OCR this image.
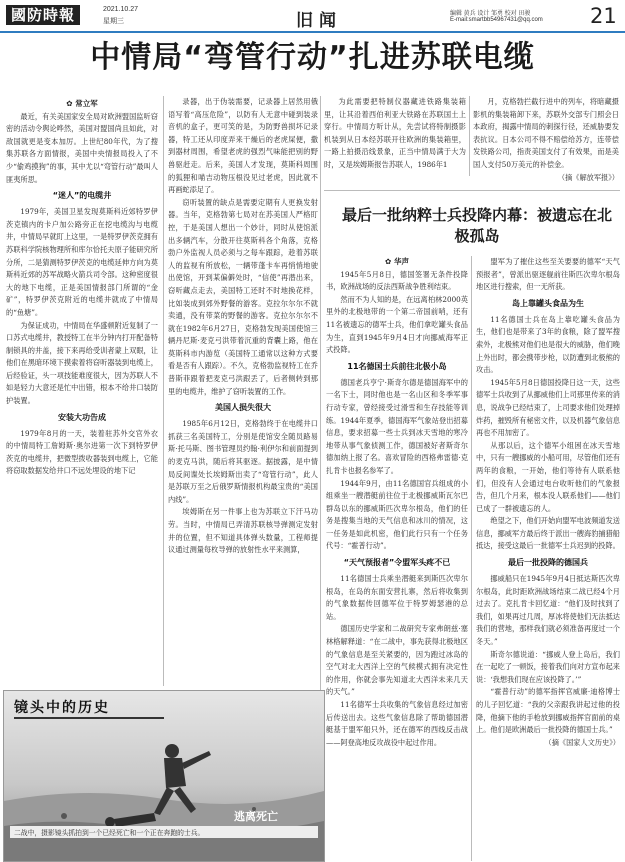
國防時報	2021.10.27
星期三	旧闻	编辑 黄兵 设计 邹勇 校对 田骏
E-mail:smartbb54967431@qq.com	21
中情局“弯管行动”扎进苏联电缆
✿ 常立军

最近，有关美国家安全局对欧洲盟国监听窃密的活动令舆论哗然，美国对盟国尚且如此，对敌国就更是变本加厉。上世纪80年代，为了搜集苏联各方面情报，美国中央情报局投入了不少“偷鸡摸狗”的事，其中尤以“弯管行动”最叫人匪夷所思。

“迷人”的电缆井

1979年，美国卫星发现莫斯科近郊特罗伊茨克镇内的卡户加公路旁正在挖电缆沟与电缆井，中情局早就盯上这里，一是特罗伊茨克拥有苏联科学院核物理所和库尔恰托夫原子能研究所分所，二是猜测特罗伊茨克的电缆延伸方向为莫斯科近郊的苏军战略火箭兵司令部。这种密度很大的地下电缆，正是美国情报部门所谓的“金矿”，特罗伊茨克附近的电缆井就成了中情局的“鱼塘”。

为保证成功，中情局在华盛顿附近复制了一口苏式电缆井，教授特工在半分钟内打开配备特制锁具的井盖，接下来再给受训者蒙上双眼，让他们在黑暗环境下摸索着将窃听器装到电缆上，后经验证，头一项技能难度很大，因为苏联人不如是轻力大意还是忙中出错，根本不给井口装防护装置。

安装大功告成

1979年8月的一天，装着驻苏外交官外衣的中情局特工詹姆斯·奥尔进第一次下到特罗伊茨克的电缆井，把微型拨收器装到电缆上，它能将窃取数据发给井口不远处埋设的地下记

录器，出于伪装需要，记录器上居然用俄语写着“高压危险”，以防有人无意中碰到装录音机的盒子，更可笑的是，为防野兽损坏记录器，特工还从印度弄来干燥后的老虎屎便，撒到器材周围，希望老虎的强烈气味能把别的野兽驱赶走。后来，美国人才发现，莫斯科周围的狐狸和喵吉动物压根没见过老虎，因此就不再画蛇添足了。

窃听装置的缺点是需要定期有人更换发射器。当年，克格勃第七局对在苏美国人严格盯控，于是美国人想出一个妙计，同时从使馆派出多辆汽车，分散开往莫斯科各个角落，克格勃户外监视人员必须与之每车跟踪，趁着苏联人的监视有所放松，一辆带蓬卡车再悄悄地驶出使馆，开到某偏僻处时，“信使”再潜出来，窃听藏点走去，美国特工还时不时地换花样，比如装成到郊外野餐的游客。克拉尔尔尔不就卖通，没有带菜的野餐的游客。克拉尔尔尔不就在1982年6月27日，克格勃发现美国使馆三辆丹尼斯·麦克弓洪带着沉重的背囊上路，他在莫斯科市内游览（美国特工通常以这种方式要看是否有人跟踪）。不久，克格勃监视特工在乔普斯菲跟着把麦克弓洪跟丢了，后者侧转到那里的电缆井，维护了窃听装置的工作。

美国人损失很大

1985年6月12日，克格勃终于在电缆井口抓获三名美国特工，分别是使馆安全随员路易斯·托马斯、图书管理员约翰·利伊尔和前面提到的麦克马洪，随后将其驱逐。据披露，是中情局反间谍处长埃姆斯出卖了“弯管行动”，此人是苏联万至之后俄罗斯情报机构最宝贵的“美国内线”。

埃姆斯在另一件事上也为苏联立下汗马功劳。当时，中情局已弄清苏联核导弹测定发射井的位置，但不知道具体弹头数量，工程师提议通过测量每枚导弹的放射性水平来测算，

为此需要把特制仪器藏进铁路集装箱里，让其沿着西伯利亚大铁路在苏联国土上穿行。中情局方听计从，先尝试将特制摄影机装到从日本经苏联开往欧洲的集装箱里，一路上拍摄沿线景象，正当中情局满于大为时，又是埃姆斯报告苏联人，1986年1

月，克格勃拦截行进中的列车，将暗藏摄影机的集装箱卸下来，苏联外交部专门照会日本政府，揭露中情局的刺探行径，还威胁要发表抗议。日本公司不得不赔偿给苏方，连带偿发铁路公司，指责美国支付了有效果，而是美国人支付50万美元的补偿金。

（摘《解放军报》）
最后一批纳粹士兵投降内幕：被遗忘在北极孤岛
✿ 华声

1945年5月8日，德国签署无条件投降书，欧洲战场的反法西斯战争胜利结束。

然而不为人知的是，在远离柏林2000英里外的北极地带的一个第二帝国前哨，还有11名被遗忘的德军士兵，他们拿吃罐头食品为生，直到1945年9月4日才向挪威海军正式投降。

11名德国士兵前往北极小岛

德国老兵亨宁·斯奇尔德是德国海军中的一名下士，同时他也是一名山区和冬季军事行动专家，曾经接受过滑雪和生存技能等训练。1944年夏季，德国海军气象站登出招募信息，要求招募一些士兵到冰天雪地的寒冷地带从事气象侦测工作，德国被好者斯奇尔德加纳上报了名。喜欢冒险的西格弗雷德·克扎肯卡也报名参军了。

1944年9月，由11名德国官兵组成的小组乘坐一艘潜艇前往位于北极挪威斯瓦尔巴群岛以东的挪威斯匹次卑尔根岛，他们的任务是搜集当地的天气信息和冰川的情况，这一任务是如此机密，他们此行只有一个任务代号：“霍普行动”。

“天气预报者”令盟军头疼不已

11名德国士兵乘坐潜艇来到斯匹次卑尔根岛，在岛的东面安营扎寨，然后将收集到的气象数据传回德军位于特罗姆瑟港的总站。

德国历史学家和二战研究专家弗朗兹·塞林格解释道：“在二战中，事先获得北极地区的气象信息是至关紧要的，因为跑过冰岛的空气对北大西洋上空的气候模式拥有决定性的作用，你就会事先知道北大西洋未来几天的天气。”

11名德军士兵收集的气象信息经过加密后传送出去。这些气象信息除了帮助德国潜艇基于盟军船只外，还在德军的西线反击战——阿登高地反攻战役中起过作用。

盟军为了摧住这些至关要要的德军“天气预报者”，曾派出驱逐舰前往斯匹次卑尔根岛地区进行搜索，但一无所获。

岛上靠罐头食品为生

11名德国士兵在岛上靠吃罐头食品为生，他们也是带来了3年的食粮，除了盟军搜索外，北极熊对他们也是很大的威胁，他们晚上外出时，都会携带步枪，以防遭到北极熊的攻击。

1945年5月8日德国投降日这一天，这些德军士兵收到了从挪威他们上司那里传来的消息，说战争已经结束了，上司要求他们处理掉炸药，摧毁所有秘密文件，以及机器气象信息再也不用加密了。

从那以后，这个德军小组困在冰天雪地中，只有一艘挪威的小船可用，尽管他们还有两年的食粮，一开始，他们等待有人联系他们，但没有人会通过电台收听他们的气象报告，但几个月来，根本没人联系他们——他们已成了一群被遗忘的人。

绝望之下，他们开始向盟军电波频道发送信息，挪威军方最后终于派出一艘海豹捕猎船抵达，接受这最后一批德军士兵迟到的投降。

最后一批投降的德国兵

挪威船只在1945年9月4日抵达斯匹次卑尔根岛，此时距欧洲战场结束二战已经4个月过去了。克扎肯卡回忆道：“他们及时找到了我们，如果再过几周，厚冰将使他们无法抵达我们的营地，那样我们就必须准备再度过一个冬天。”

斯奇尔德说道：“挪威人登上岛后，我们在一起吃了一顿饭，接着我们向对方宣布起来说：‘我想我们现在应该投降了。’”

“霍普行动”的德军指挥官威廉·迪格博士的儿子回忆道：“我的父亲跟我讲起过他的投降，他摘下他的手枪放到挪威指挥官面前的桌上。他们是欧洲最后一批投降的德国士兵。”

（摘《国家人文历史》）
镜头中的历史
逃离死亡
二战中，摄影镜头抓拍到一个已经死亡和一个正在奔跑的士兵。
